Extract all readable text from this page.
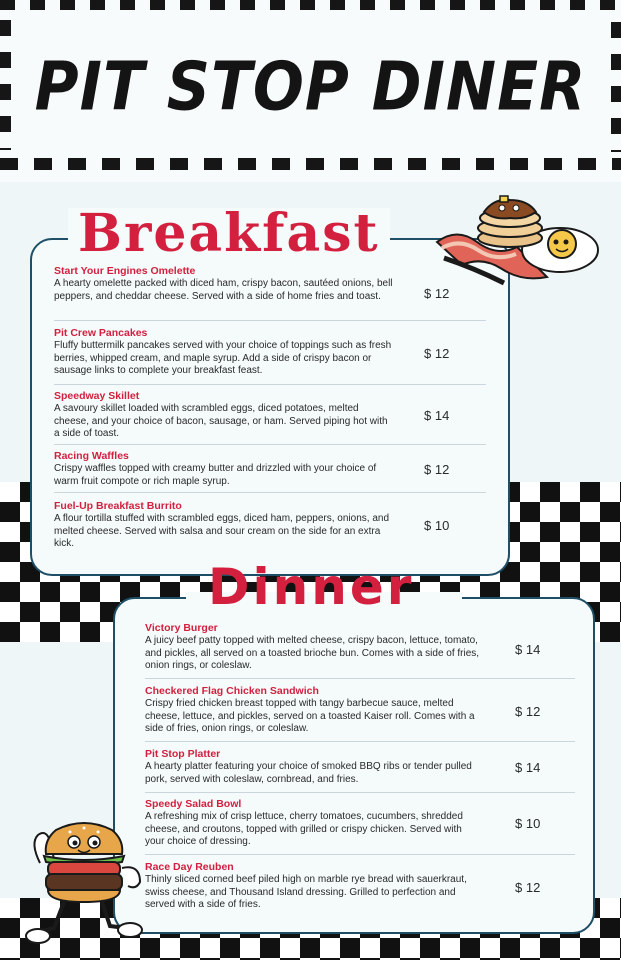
PIT STOP DINER
Breakfast
Start Your Engines Omelette
A hearty omelette packed with diced ham, crispy bacon, sautéed onions, bell peppers, and cheddar cheese. Served with a side of home fries and toast.	$ 12
Pit Crew Pancakes
Fluffy buttermilk pancakes served with your choice of toppings such as fresh berries, whipped cream, and maple syrup. Add a side of crispy bacon or sausage links to complete your breakfast feast.
$ 12
Speedway Skillet
A savoury skillet loaded with scrambled eggs, diced potatoes, melted cheese, and your choice of bacon, sausage, or ham. Served piping hot with a side of toast.
$ 14
Racing Waffles
Crispy waffles topped with creamy butter and drizzled with your choice of warm fruit compote or rich maple syrup.
$ 12
Fuel-Up Breakfast Burrito
A flour tortilla stuffed with scrambled eggs, diced ham, peppers, onions, and melted cheese. Served with salsa and sour cream on the side for an extra kick.
$ 10
Dinner
Victory Burger
A juicy beef patty topped with melted cheese, crispy bacon, lettuce, tomato, and pickles, all served on a toasted brioche bun. Comes with a side of fries, onion rings, or coleslaw.
$ 14
Checkered Flag Chicken Sandwich
Crispy fried chicken breast topped with tangy barbecue sauce, melted cheese, lettuce, and pickles, served on a toasted Kaiser roll. Comes with a side of fries, onion rings, or coleslaw.
$ 12
Pit Stop Platter
A hearty platter featuring your choice of smoked BBQ ribs or tender pulled pork, served with coleslaw, cornbread, and fries.
$ 14
Speedy Salad Bowl
A refreshing mix of crisp lettuce, cherry tomatoes, cucumbers, shredded cheese, and croutons, topped with grilled or crispy chicken. Served with your choice of dressing.
$ 10
Race Day Reuben
Thinly sliced corned beef piled high on marble rye bread with sauerkraut, swiss cheese, and Thousand Island dressing. Grilled to perfection and served with a side of fries.
$ 12
